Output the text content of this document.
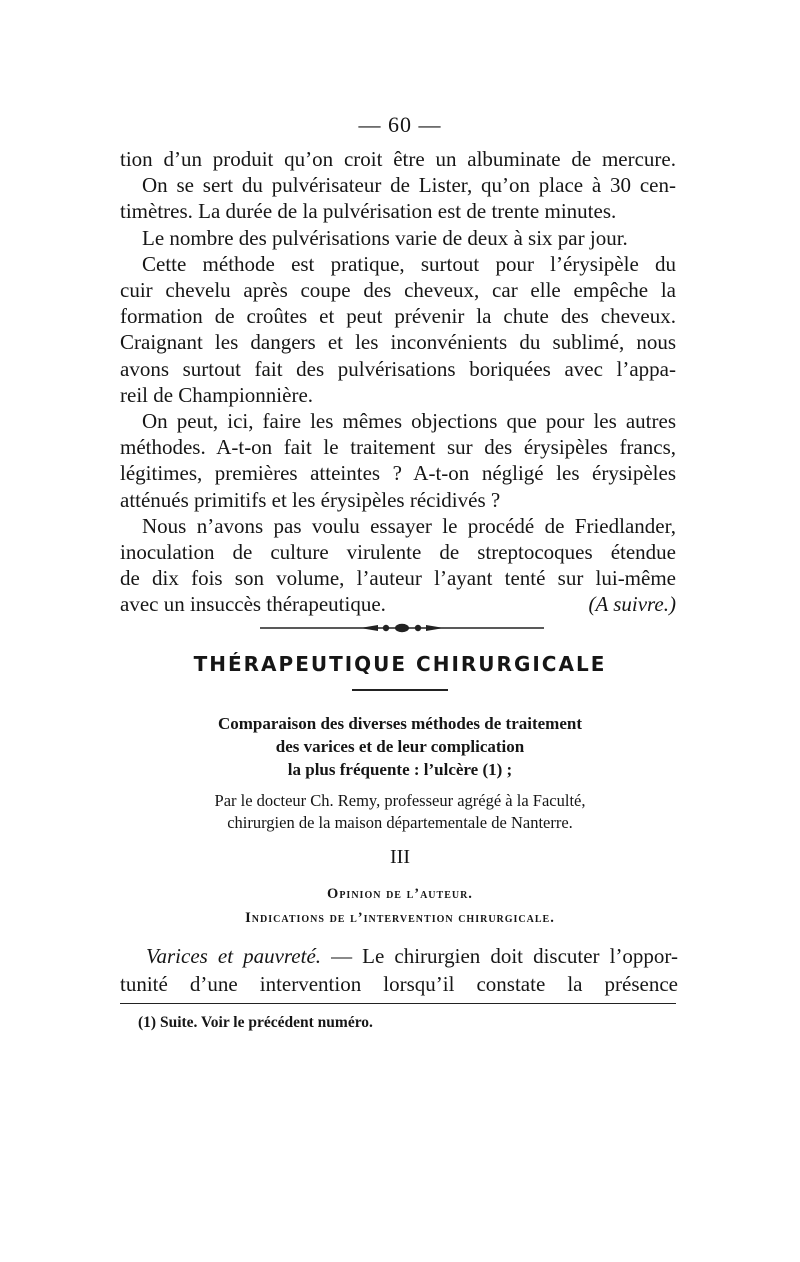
— 60 —

tion d’un produit qu’on croit être un albuminate de mercure.

On se sert du pulvérisateur de Lister, qu’on place à 30 cen-

timètres. La durée de la pulvérisation est de trente minutes.

Le nombre des pulvérisations varie de deux à six par jour.

Cette méthode est pratique, surtout pour l’érysipèle du

cuir chevelu après coupe des cheveux, car elle empêche la

formation de croûtes et peut prévenir la chute des cheveux.

Craignant les dangers et les inconvénients du sublimé, nous

avons surtout fait des pulvérisations boriquées avec l’appa-

reil de Championnière.

On peut, ici, faire les mêmes objections que pour les autres

méthodes. A-t-on fait le traitement sur des érysipèles francs,

légitimes, premières atteintes ? A-t-on négligé les érysipèles

atténués primitifs et les érysipèles récidivés ?

Nous n’avons pas voulu essayer le procédé de Friedlander,

inoculation de culture virulente de streptocoques étendue

de dix fois son volume, l’auteur l’ayant tenté sur lui-même

avec un insuccès thérapeutique.	(A suivre.)
THÉRAPEUTIQUE CHIRURGICALE
Comparaison des diverses méthodes de traitement
des varices et de leur complication
la plus fréquente : l’ulcère (1) ;
Par le docteur Ch. Remy, professeur agrégé à la Faculté,
chirurgien de la maison départementale de Nanterre.
III
Opinion de l’auteur.
Indications de l’intervention chirurgicale.

Varices et pauvreté. — Le chirurgien doit discuter l’oppor-

tunité d’une intervention lorsqu’il constate la présence

(1) Suite. Voir le précédent numéro.
